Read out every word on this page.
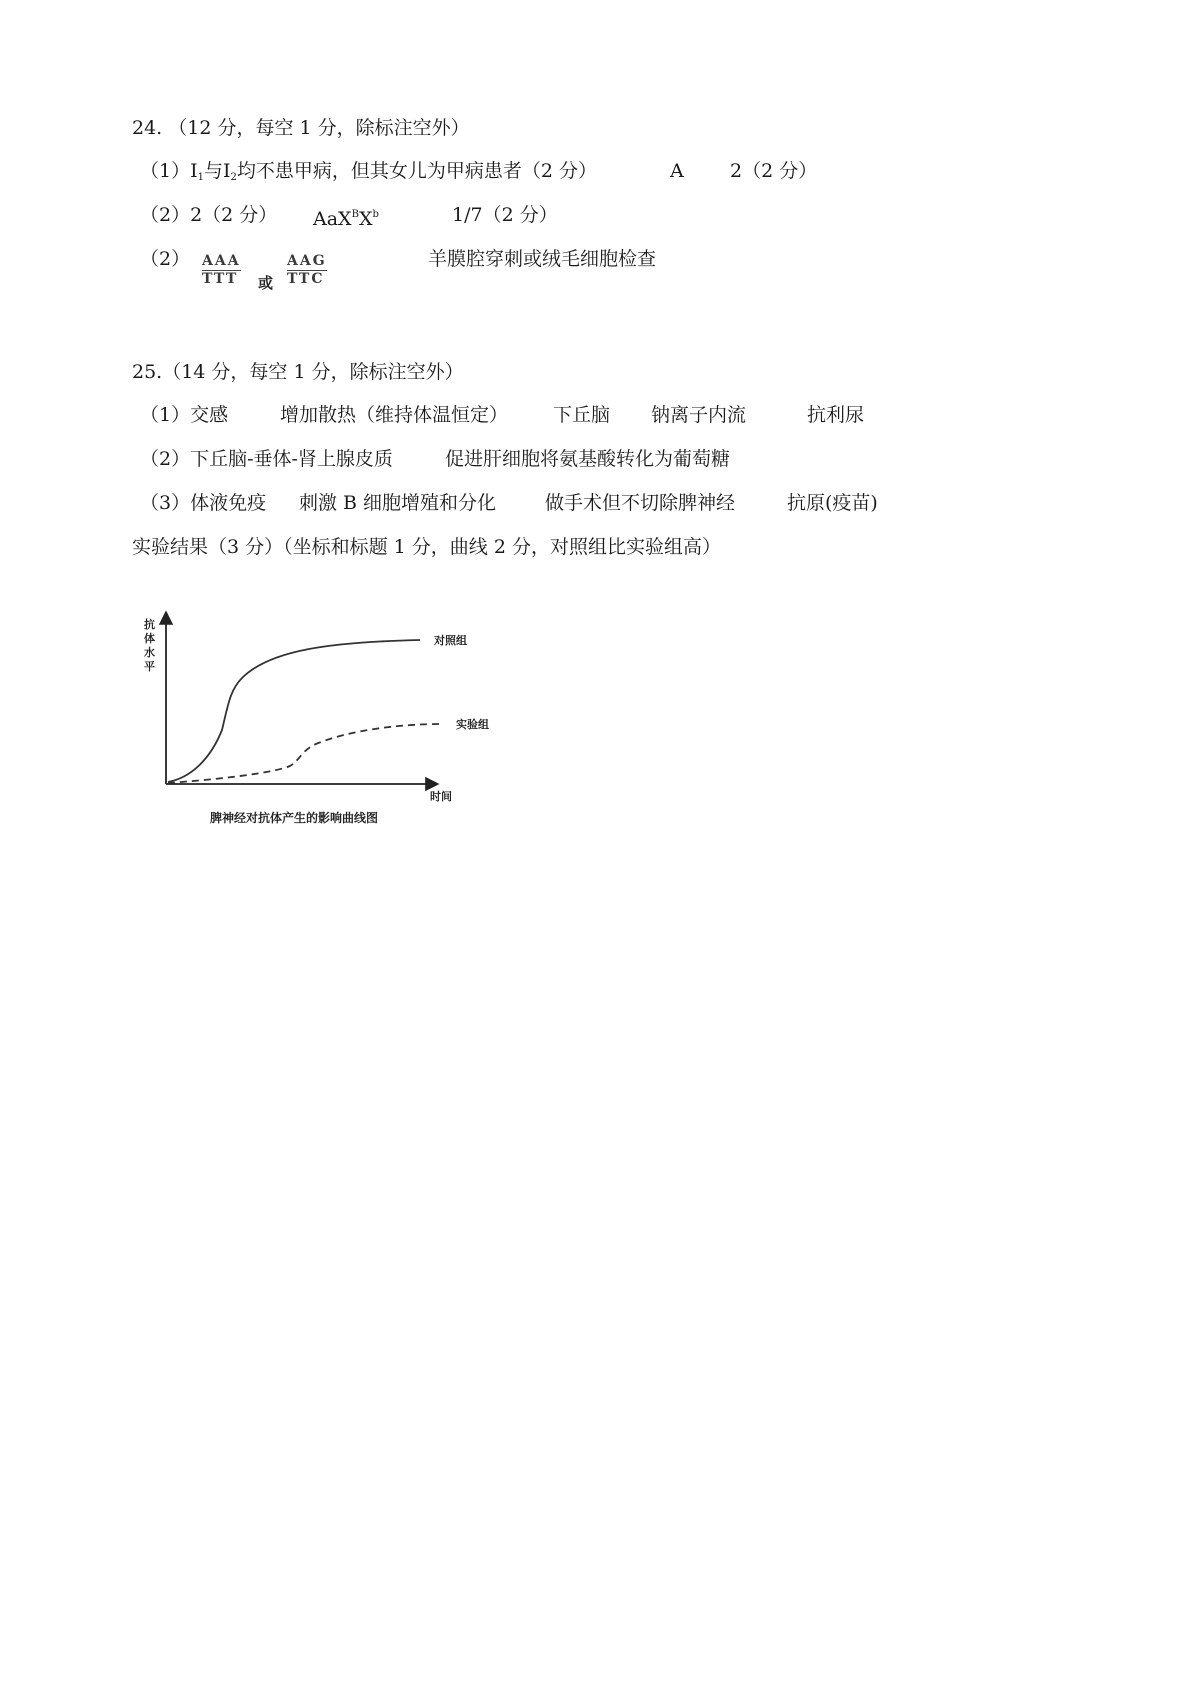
24. （12 分，每空 1 分，除标注空外）
（1）Ⅰ1与Ⅰ2均不患甲病，但其女儿为甲病患者（2 分）	A 2（2 分）
（2）2（2 分） $AaX^BX^b$	1/7（2 分）
（2） AAA
TTT 或
AAG
TTC
羊膜腔穿刺或绒毛细胞检查
25.（14 分，每空 1 分，除标注空外）
（1）交感	增加散热（维持体温恒定） 下丘脑 钠离子内流	抗利尿
（2）下丘脑-垂体-肾上腺皮质	促进肝细胞将氨基酸转化为葡萄糖
（3）体液免疫 刺激 B 细胞增殖和分化	做手术但不切除脾神经	抗原(疫苗)
实验结果（3 分）（坐标和标题 1 分，曲线 2 分，对照组比实验组高）
抗
体
水
平
对照组
实验组
时间
脾神经对抗体产生的影响曲线图
